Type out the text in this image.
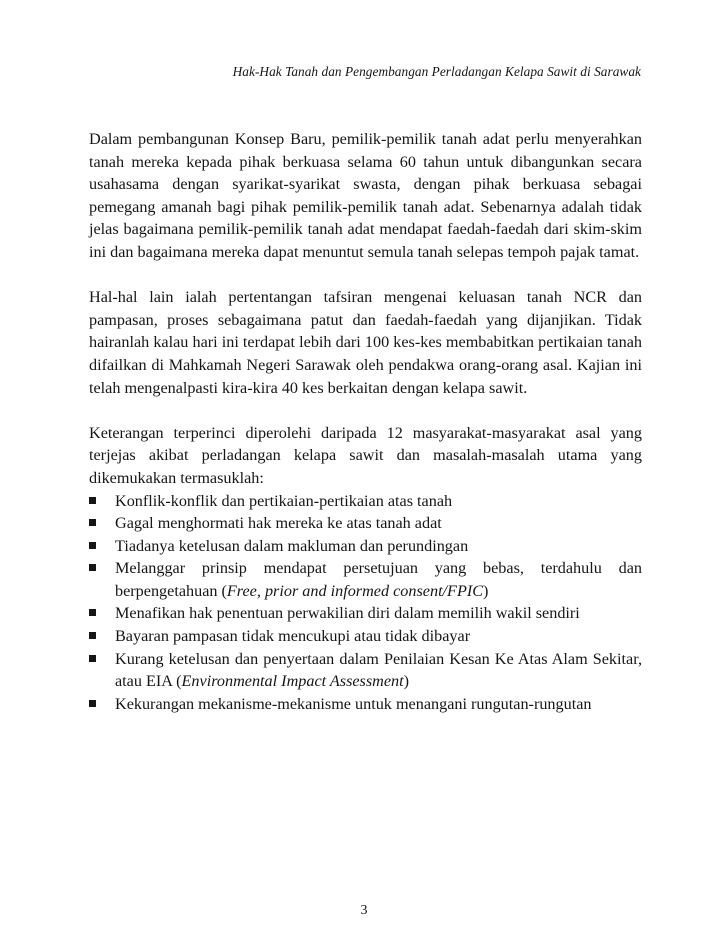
Hak-Hak Tanah dan Pengembangan Perladangan Kelapa Sawit di Sarawak

Dalam pembangunan Konsep Baru, pemilik-pemilik tanah adat perlu menyerahkan tanah mereka kepada pihak berkuasa selama 60 tahun untuk dibangunkan secara usahasama dengan syarikat-syarikat swasta, dengan pihak berkuasa sebagai pemegang amanah bagi pihak pemilik-pemilik tanah adat. Sebenarnya adalah tidak jelas bagaimana pemilik-pemilik tanah adat mendapat faedah-faedah dari skim-skim ini dan bagaimana mereka dapat menuntut semula tanah selepas tempoh pajak tamat.

Hal-hal lain ialah pertentangan tafsiran mengenai keluasan tanah NCR dan pampasan, proses sebagaimana patut dan faedah-faedah yang dijanjikan. Tidak hairanlah kalau hari ini terdapat lebih dari 100 kes-kes membabitkan pertikaian tanah difailkan di Mahkamah Negeri Sarawak oleh pendakwa orang-orang asal. Kajian ini telah mengenalpasti kira-kira 40 kes berkaitan dengan kelapa sawit.

Keterangan terperinci diperolehi daripada 12 masyarakat-masyarakat asal yang terjejas akibat perladangan kelapa sawit dan masalah-masalah utama yang dikemukakan termasuklah:

Konflik-konflik dan pertikaian-pertikaian atas tanah
Gagal menghormati hak mereka ke atas tanah adat
Tiadanya ketelusan dalam makluman dan perundingan
Melanggar prinsip mendapat persetujuan yang bebas, terdahulu dan berpengetahuan (Free, prior and informed consent/FPIC)
Menafikan hak penentuan perwakilian diri dalam memilih wakil sendiri
Bayaran pampasan tidak mencukupi atau tidak dibayar
Kurang ketelusan dan penyertaan dalam Penilaian Kesan Ke Atas Alam Sekitar, atau EIA (Environmental Impact Assessment)
Kekurangan mekanisme-mekanisme untuk menangani rungutan-rungutan
3
